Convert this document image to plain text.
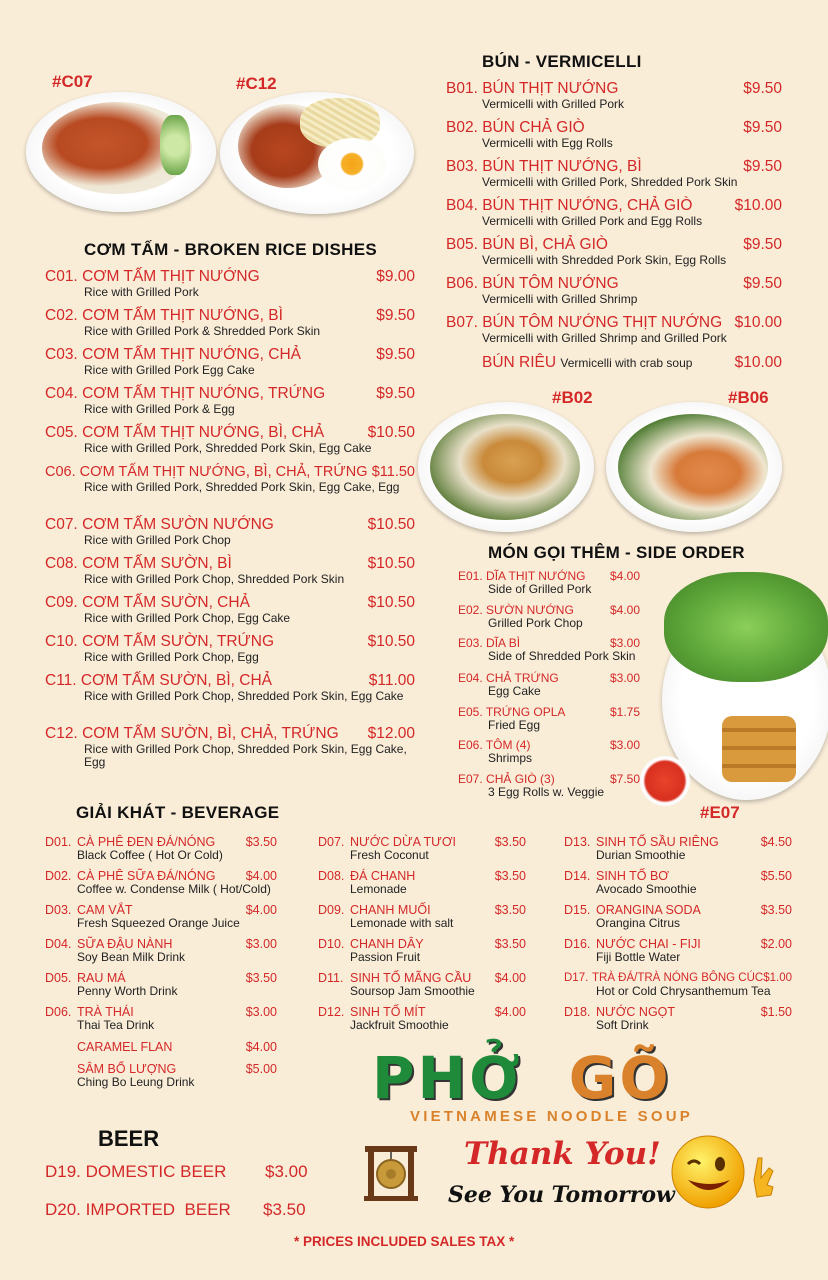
#C07	#C12
CƠM TẤM - BROKEN RICE DISHES
C01. CƠM TẤM THỊT NƯỚNG	$9.00
Rice with Grilled Pork
C02. CƠM TẤM THỊT NƯỚNG, BÌ	$9.50
Rice with Grilled Pork & Shredded Pork Skin
C03. CƠM TẤM THỊT NƯỚNG, CHẢ	$9.50
Rice with Grilled Pork Egg Cake
C04. CƠM TẤM THỊT NƯỚNG, TRỨNG	$9.50
Rice with Grilled Pork & Egg
C05. CƠM TẤM THỊT NƯỚNG, BÌ, CHẢ	$10.50
Rice with Grilled Pork, Shredded Pork Skin, Egg Cake
C06. CƠM TẤM THỊT NƯỚNG, BÌ, CHẢ, TRỨNG $11.50
Rice with Grilled Pork, Shredded Pork Skin, Egg Cake, Egg
C07. CƠM TẤM SƯỜN NƯỚNG	$10.50
Rice with Grilled Pork Chop
C08. CƠM TẤM SƯỜN, BÌ	$10.50
Rice with Grilled Pork Chop, Shredded Pork Skin
C09. CƠM TẤM SƯỜN, CHẢ	$10.50
Rice with Grilled Pork Chop, Egg Cake
C10. CƠM TẤM SƯỜN, TRỨNG	$10.50
Rice with Grilled Pork Chop, Egg
C11. CƠM TẤM SƯỜN, BÌ, CHẢ	$11.00
Rice with Grilled Pork Chop, Shredded Pork Skin, Egg Cake
C12. CƠM TẤM SƯỜN, BÌ, CHẢ, TRỨNG $12.00
Rice with Grilled Pork Chop, Shredded Pork Skin, Egg Cake, Egg
BÚN - VERMICELLI
B01. BÚN THỊT NƯỚNG	$9.50
Vermicelli with Grilled Pork
B02. BÚN CHẢ GIÒ	$9.50
Vermicelli with Egg Rolls
B03. BÚN THỊT NƯỚNG, BÌ	$9.50
Vermicelli with Grilled Pork, Shredded Pork Skin
B04. BÚN THỊT NƯỚNG, CHẢ GIÒ	$10.00
Vermicelli with Grilled Pork and Egg Rolls
B05. BÚN BÌ, CHẢ GIÒ	$9.50
Vermicelli with Shredded Pork Skin, Egg Rolls
B06. BÚN TÔM NƯỚNG	$9.50
Vermicelli with Grilled Shrimp
B07. BÚN TÔM NƯỚNG THỊT NƯỚNG $10.00
Vermicelli with Grilled Shrimp and Grilled Pork
BÚN RIÊU Vermicelli with crab soup	$10.00
#B02	#B06
MÓN GỌI THÊM - SIDE ORDER
E01. DĨA THỊT NƯỚNG $4.00
Side of Grilled Pork
E02. SƯỜN NƯỚNG	$4.00
Grilled Pork Chop
E03. DĨA BÌ	$3.00
Side of Shredded Pork Skin
E04. CHẢ TRỨNG	$3.00
Egg Cake
E05. TRỨNG OPLA	$1.75
Fried Egg
E06. TÔM (4)	$3.00
Shrimps
E07. CHẢ GIÒ (3)	$7.50
3 Egg Rolls w. Veggie
#E07
GIẢI KHÁT - BEVERAGE
D01. CÀ PHÊ ĐEN ĐÁ/NÓNG	$3.50
Black Coffee ( Hot Or Cold)
D02. CÀ PHÊ SỮA ĐÁ/NÓNG	$4.00
Coffee w. Condense Milk ( Hot/Cold)
D03. CAM VẮT	$4.00
Fresh Squeezed Orange Juice
D04. SỮA ĐẬU NÀNH	$3.00
Soy Bean Milk Drink
D05. RAU MÁ	$3.50
Penny Worth Drink
D06. TRÀ THÁI	$3.00
Thai Tea Drink
CARAMEL FLAN	$4.00
SÂM BỔ LƯỢNG	$5.00
Ching Bo Leung Drink
D07. NƯỚC DỪA TƯƠI	$3.50
Fresh Coconut
D08. ĐÁ CHANH	$3.50
Lemonade
D09. CHANH MUỐI	$3.50
Lemonade with salt
D10. CHANH DÂY	$3.50
Passion Fruit
D11. SINH TỐ MÃNG CẦU	$4.00
Soursop Jam Smoothie
D12. SINH TỐ MÍT	$4.00
Jackfruit Smoothie
D13. SINH TỐ SẦU RIÊNG	$4.50
Durian Smoothie
D14. SINH TỐ BƠ	$5.50
Avocado Smoothie
D15. ORANGINA SODA	$3.50
Orangina Citrus
D16. NƯỚC CHAI - FIJI	$2.00
Fiji Bottle Water
D17. TRÀ ĐÁ/TRÀ NÓNG BÔNG CÚC $1.00
Hot or Cold Chrysanthemum Tea
D18. NƯỚC NGỌT	$1.50
Soft Drink
BEER
D19. DOMESTIC BEER $3.00
D20. IMPORTED  BEER $3.50
PHỞ GÕ
VIETNAMESE NOODLE SOUP
Thank You!
See You Tomorrow
* PRICES INCLUDED SALES TAX *
